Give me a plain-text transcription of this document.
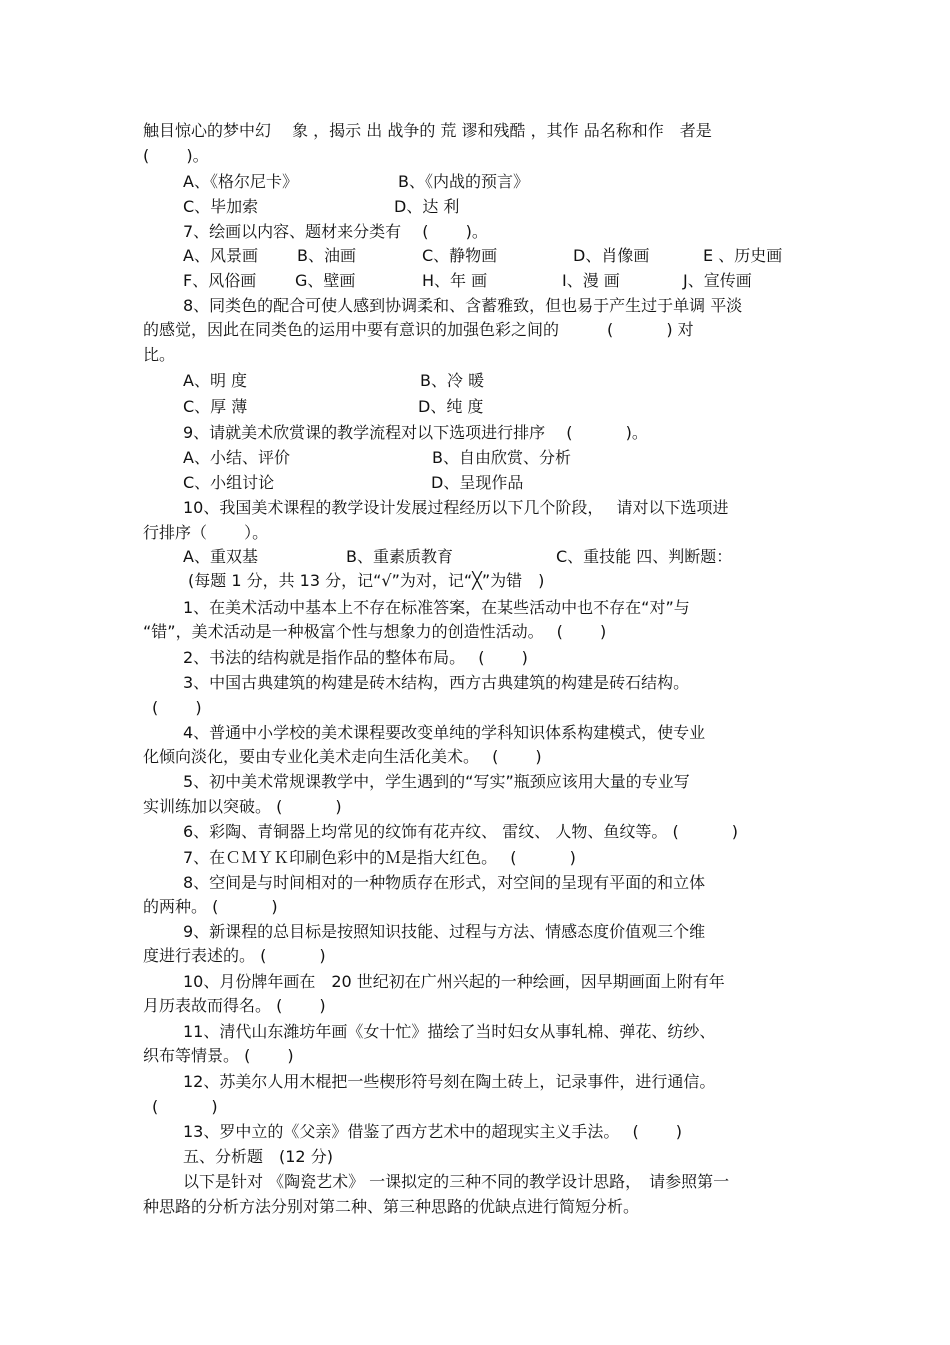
触目惊心的梦中幻　 象 ，揭示 出 战争的 荒 谬和残酷 ，其作 品名称和作　者是
(　　 )。
A、《格尔尼卡》	B、《内战的预言》
C、毕加索	D、达 利
7、绘画以内容、题材来分类有　 (　　 )。
A、风景画 B、油画	C、静物画	D、肖像画	E 、历史画
F、风俗画 G、壁画	H、年 画	I、漫 画	J、宣传画
8、同类色的配合可使人感到协调柔和、含蓄雅致，但也易于产生过于单调 平淡
的感觉，因此在同类色的运用中要有意识的加强色彩之间的　　　(　　　 ) 对
比。
A、明 度	B、冷 暖
C、厚 薄	D、纯 度
9、请就美术欣赏课的教学流程对以下选项进行排序　 (　　　 )。
A、小结、评价	B、自由欣赏、分析
C、小组讨论	D、呈现作品
10、我国美术课程的教学设计发展过程经历以下几个阶段，　 请对以下选项进
行排序（　　 ）。
A、重双基	B、重素质教育	C、重技能 四、判断题：
(每题 1 分，共 13 分，记“√”为对，记“╳”为错　)
1、在美术活动中基本上不存在标准答案，在某些活动中也不存在“对”与
“错”，美术活动是一种极富个性与想象力的创造性活动。　 (　　 )
2、书法的结构就是指作品的整体布局。　 (　　 )
3、中国古典建筑的构建是砖木结构，西方古典建筑的构建是砖石结构。
(　　 )
4、普通中小学校的美术课程要改变单纯的学科知识体系构建模式，使专业
化倾向淡化，要由专业化美术走向生活化美术。　 (　　 )
5、初中美术常规课教学中，学生遇到的“写实”瓶颈应该用大量的专业写
实训练加以突破。 (　　　 )
6、彩陶、青铜器上均常见的纹饰有花卉纹、 雷纹、 人物、鱼纹等。 (　　　 )
7、在ＣＭＹＫ印刷色彩中的Ｍ是指大红色。　 (　　　 )
8、空间是与时间相对的一种物质存在形式，对空间的呈现有平面的和立体
的两种。 (　　　 )
9、新课程的总目标是按照知识技能、过程与方法、情感态度价值观三个维
度进行表述的。 (　　　 )
10、月份牌年画在　20 世纪初在广州兴起的一种绘画，因早期画面上附有年
月历表故而得名。 (　　 )
11、清代山东潍坊年画《女十忙》描绘了当时妇女从事轧棉、弹花、纺纱、
织布等情景。 (　　 )
12、苏美尔人用木棍把一些楔形符号刻在陶土砖上，记录事件，进行通信。
(　　　 )
13、罗中立的《父亲》借鉴了西方艺术中的超现实主义手法。　 (　　 )
五、分析题　(12 分)
以下是针对 《陶瓷艺术》 一课拟定的三种不同的教学设计思路，　请参照第一
种思路的分析方法分别对第二种、第三种思路的优缺点进行简短分析。
